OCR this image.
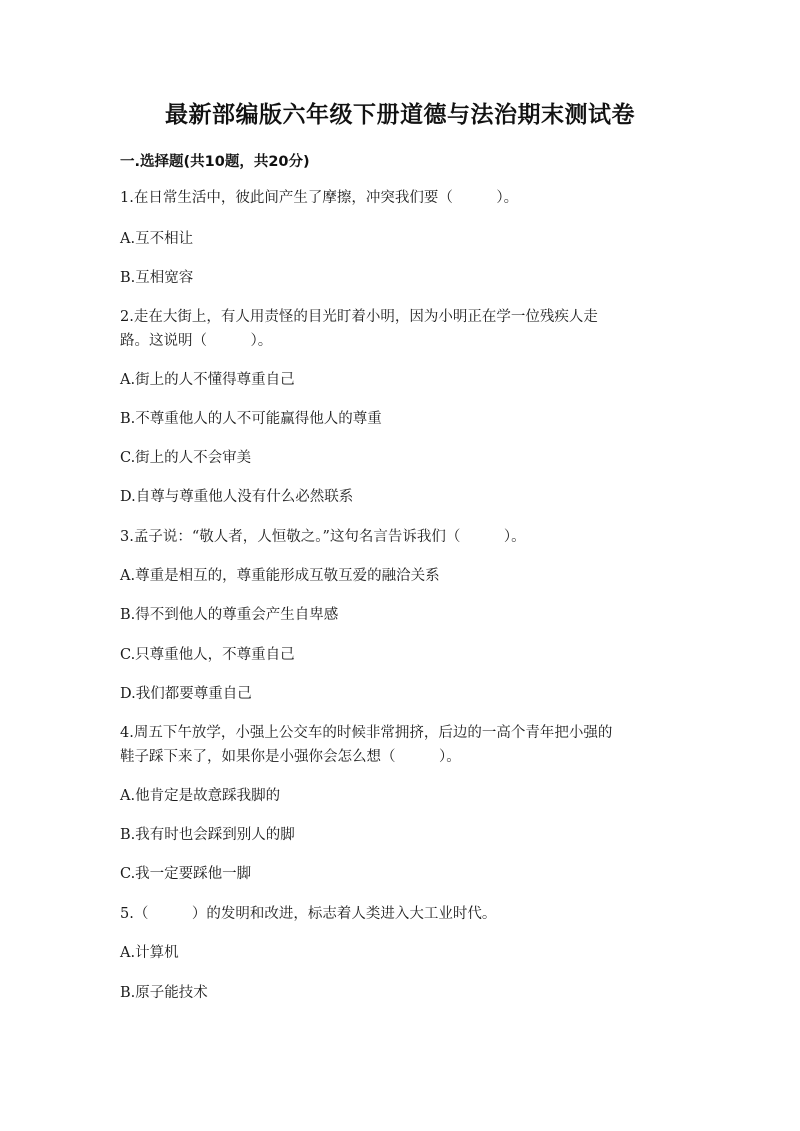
最新部编版六年级下册道德与法治期末测试卷
一.选择题(共10题，共20分)
1.在日常生活中，彼此间产生了摩擦，冲突我们要（　　　）。
A.互不相让
B.互相宽容
2.走在大街上，有人用责怪的目光盯着小明，因为小明正在学一位残疾人走
路。这说明（　　　）。
A.街上的人不懂得尊重自己
B.不尊重他人的人不可能赢得他人的尊重
C.街上的人不会审美
D.自尊与尊重他人没有什么必然联系
3.孟子说：“敬人者，人恒敬之。”这句名言告诉我们（　　　）。
A.尊重是相互的，尊重能形成互敬互爱的融洽关系
B.得不到他人的尊重会产生自卑感
C.只尊重他人，不尊重自己
D.我们都要尊重自己
4.周五下午放学，小强上公交车的时候非常拥挤，后边的一高个青年把小强的
鞋子踩下来了，如果你是小强你会怎么想（　　　）。
A.他肯定是故意踩我脚的
B.我有时也会踩到别人的脚
C.我一定要踩他一脚
5.（　　　）的发明和改进，标志着人类进入大工业时代。
A.计算机
B.原子能技术
